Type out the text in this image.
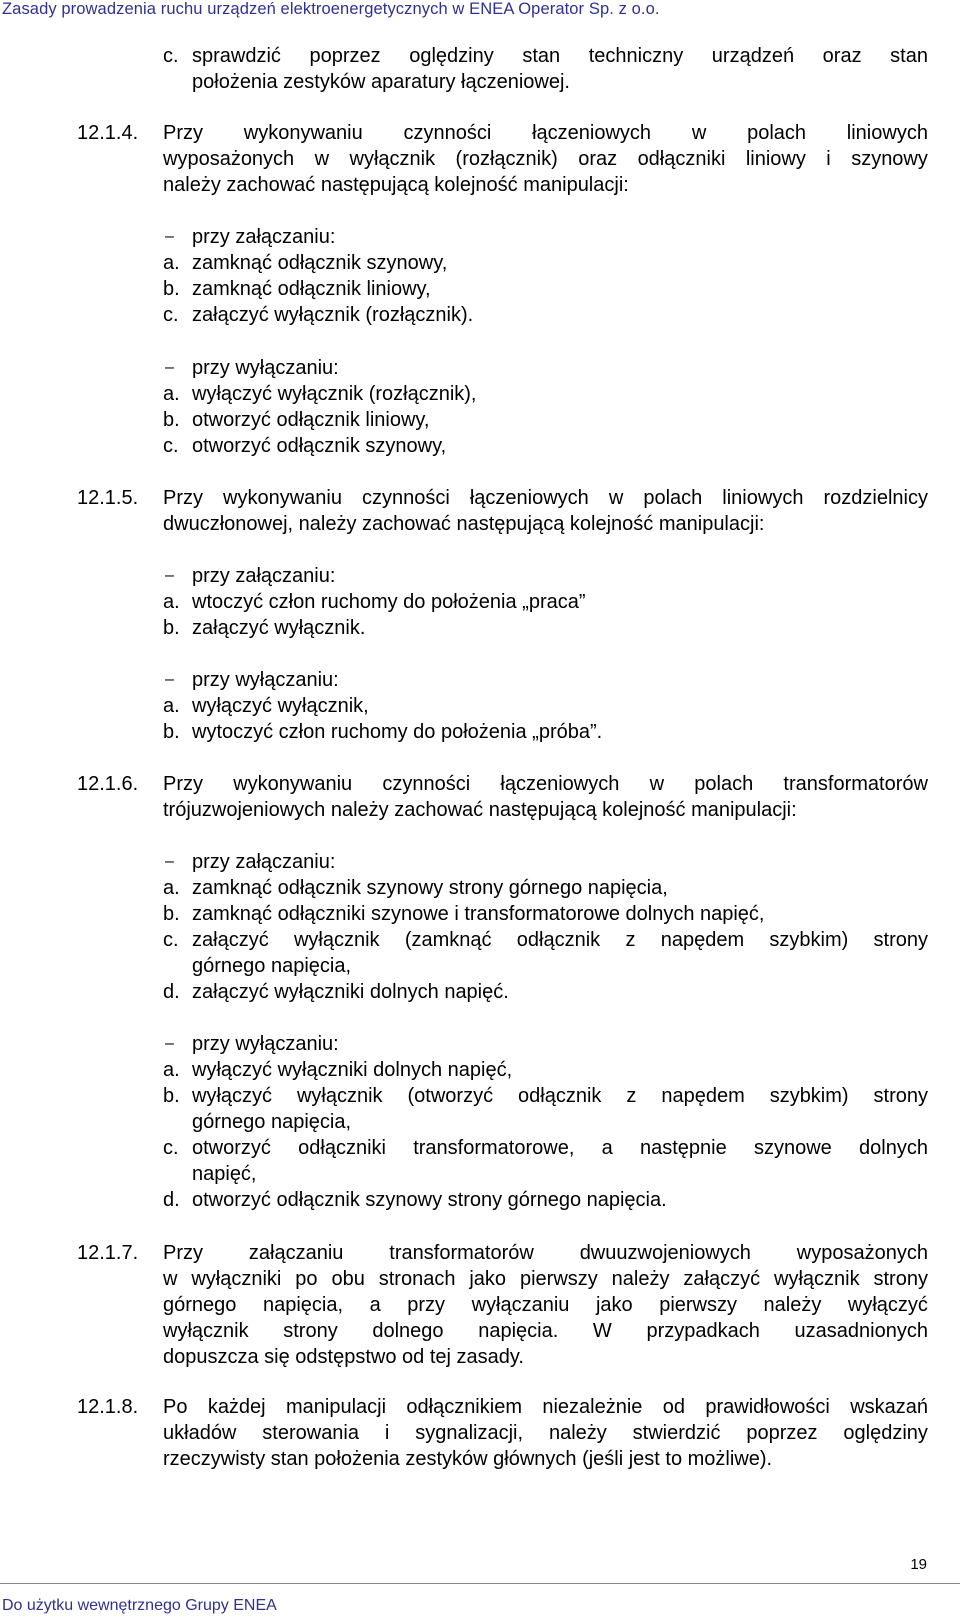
Zasady prowadzenia ruchu urządzeń elektroenergetycznych w ENEA Operator Sp. z o.o.
c. sprawdzić poprzez oględziny stan techniczny urządzeń oraz stan
położenia zestyków aparatury łączeniowej.
12.1.4. Przy wykonywaniu czynności łączeniowych w polach liniowych
wyposażonych w wyłącznik (rozłącznik) oraz odłączniki liniowy i szynowy
należy zachować następującą kolejność manipulacji:
– przy załączaniu:
a. zamknąć odłącznik szynowy,
b. zamknąć odłącznik liniowy,
c. załączyć wyłącznik (rozłącznik).
– przy wyłączaniu:
a. wyłączyć wyłącznik (rozłącznik),
b. otworzyć odłącznik liniowy,
c. otworzyć odłącznik szynowy,
12.1.5. Przy wykonywaniu czynności łączeniowych w polach liniowych rozdzielnicy
dwuczłonowej, należy zachować następującą kolejność manipulacji:
– przy załączaniu:
a. wtoczyć człon ruchomy do położenia „praca”
b. załączyć wyłącznik.
– przy wyłączaniu:
a. wyłączyć wyłącznik,
b. wytoczyć człon ruchomy do położenia „próba”.
12.1.6. Przy wykonywaniu czynności łączeniowych w polach transformatorów
trójuzwojeniowych należy zachować następującą kolejność manipulacji:
– przy załączaniu:
a. zamknąć odłącznik szynowy strony górnego napięcia,
b. zamknąć odłączniki szynowe i transformatorowe dolnych napięć,
c. załączyć wyłącznik (zamknąć odłącznik z napędem szybkim) strony
górnego napięcia,
d. załączyć wyłączniki dolnych napięć.
– przy wyłączaniu:
a. wyłączyć wyłączniki dolnych napięć,
b. wyłączyć wyłącznik (otworzyć odłącznik z napędem szybkim) strony
górnego napięcia,
c. otworzyć odłączniki transformatorowe, a następnie szynowe dolnych
napięć,
d. otworzyć odłącznik szynowy strony górnego napięcia.
12.1.7. Przy załączaniu transformatorów dwuuzwojeniowych wyposażonych
w wyłączniki po obu stronach jako pierwszy należy załączyć wyłącznik strony
górnego napięcia, a przy wyłączaniu jako pierwszy należy wyłączyć
wyłącznik strony dolnego napięcia. W przypadkach uzasadnionych
dopuszcza się odstępstwo od tej zasady.
12.1.8. Po każdej manipulacji odłącznikiem niezależnie od prawidłowości wskazań
układów sterowania i sygnalizacji, należy stwierdzić poprzez oględziny
rzeczywisty stan położenia zestyków głównych (jeśli jest to możliwe).
19
Do użytku wewnętrznego Grupy ENEA
